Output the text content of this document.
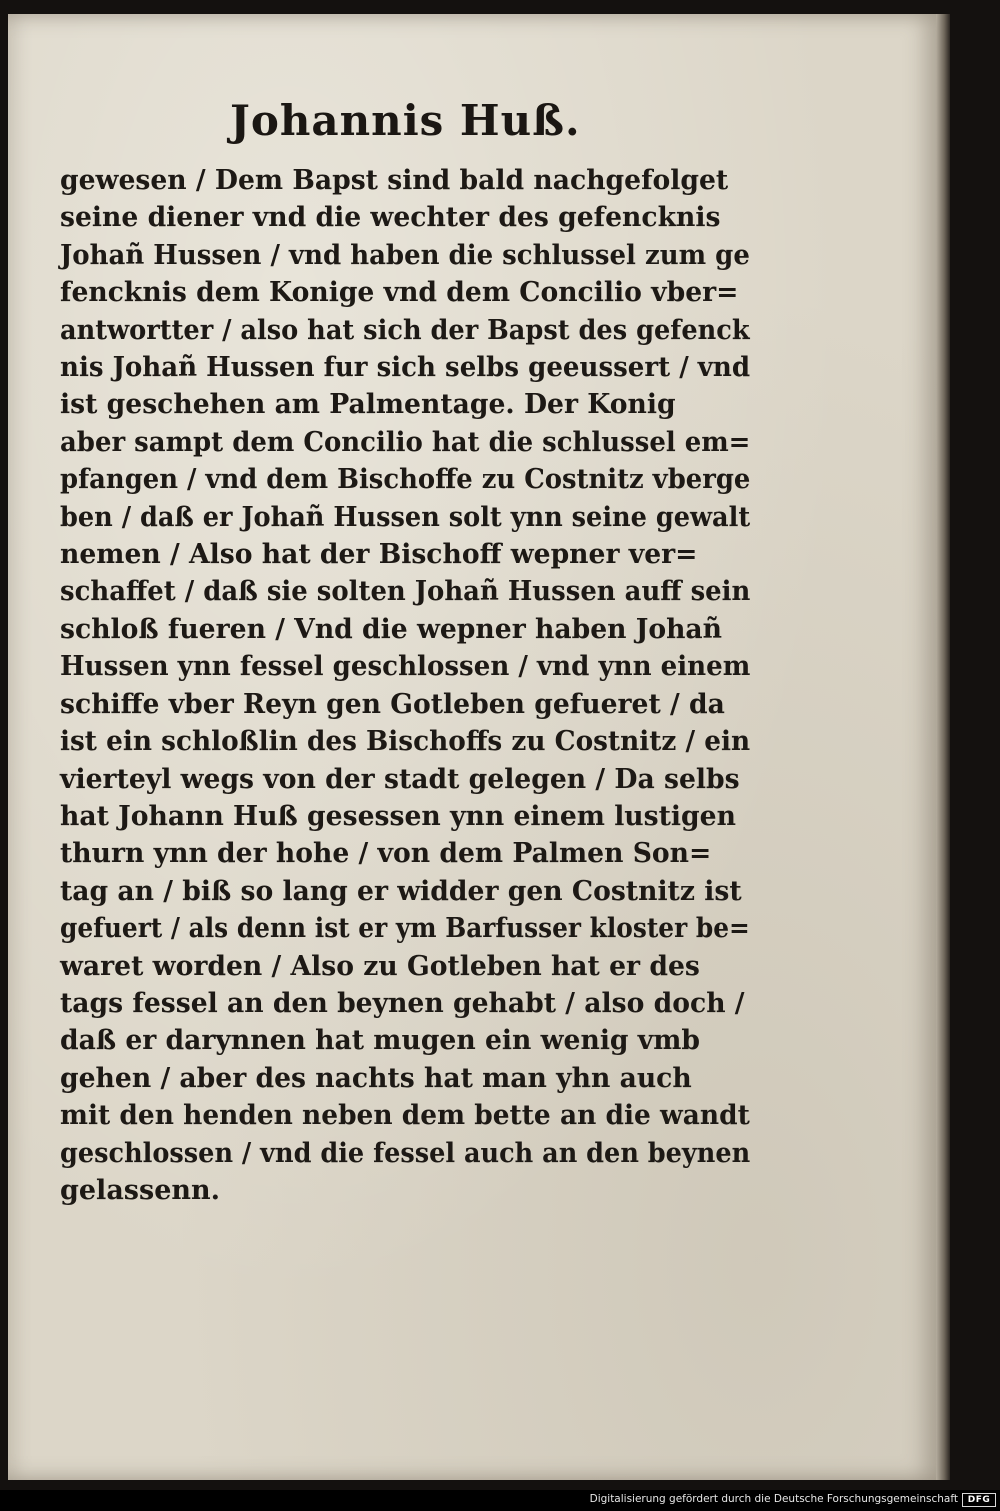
Johannis Huß.
gewesen / Dem Bapst sind bald nachgefolget
seine diener vnd die wechter des gefencknis
Johañ Hussen / vnd haben die schlussel zum ge
fencknis dem Konige vnd dem Concilio vber=
antwortter / also hat sich der Bapst des gefenck
nis Johañ Hussen fur sich selbs geeussert / vnd
ist geschehen am Palmentage. Der Konig
aber sampt dem Concilio hat die schlussel em=
pfangen / vnd dem Bischoffe zu Costnitz vberge
ben / daß er Johañ Hussen solt ynn seine gewalt
nemen / Also hat der Bischoff wepner ver=
schaffet / daß sie solten Johañ Hussen auff sein
schloß fueren / Vnd die wepner haben Johañ
Hussen ynn fessel geschlossen / vnd ynn einem
schiffe vber Reyn gen Gotleben gefueret / da
ist ein schloßlin des Bischoffs zu Costnitz / ein
vierteyl wegs von der stadt gelegen / Da selbs
hat Johann Huß gesessen ynn einem lustigen
thurn ynn der hohe / von dem Palmen Son=
tag an / biß so lang er widder gen Costnitz ist
gefuert / als denn ist er ym Barfusser kloster be=
waret worden / Also zu Gotleben hat er des
tags fessel an den beynen gehabt / also doch /
daß er darynnen hat mugen ein wenig vmb
gehen / aber des nachts hat man yhn auch
mit den henden neben dem bette an die wandt
geschlossen / vnd die fessel auch an den beynen
gelassenn.
Digitalisierung gefördert durch die Deutsche Forschungsgemeinschaft	DFG
